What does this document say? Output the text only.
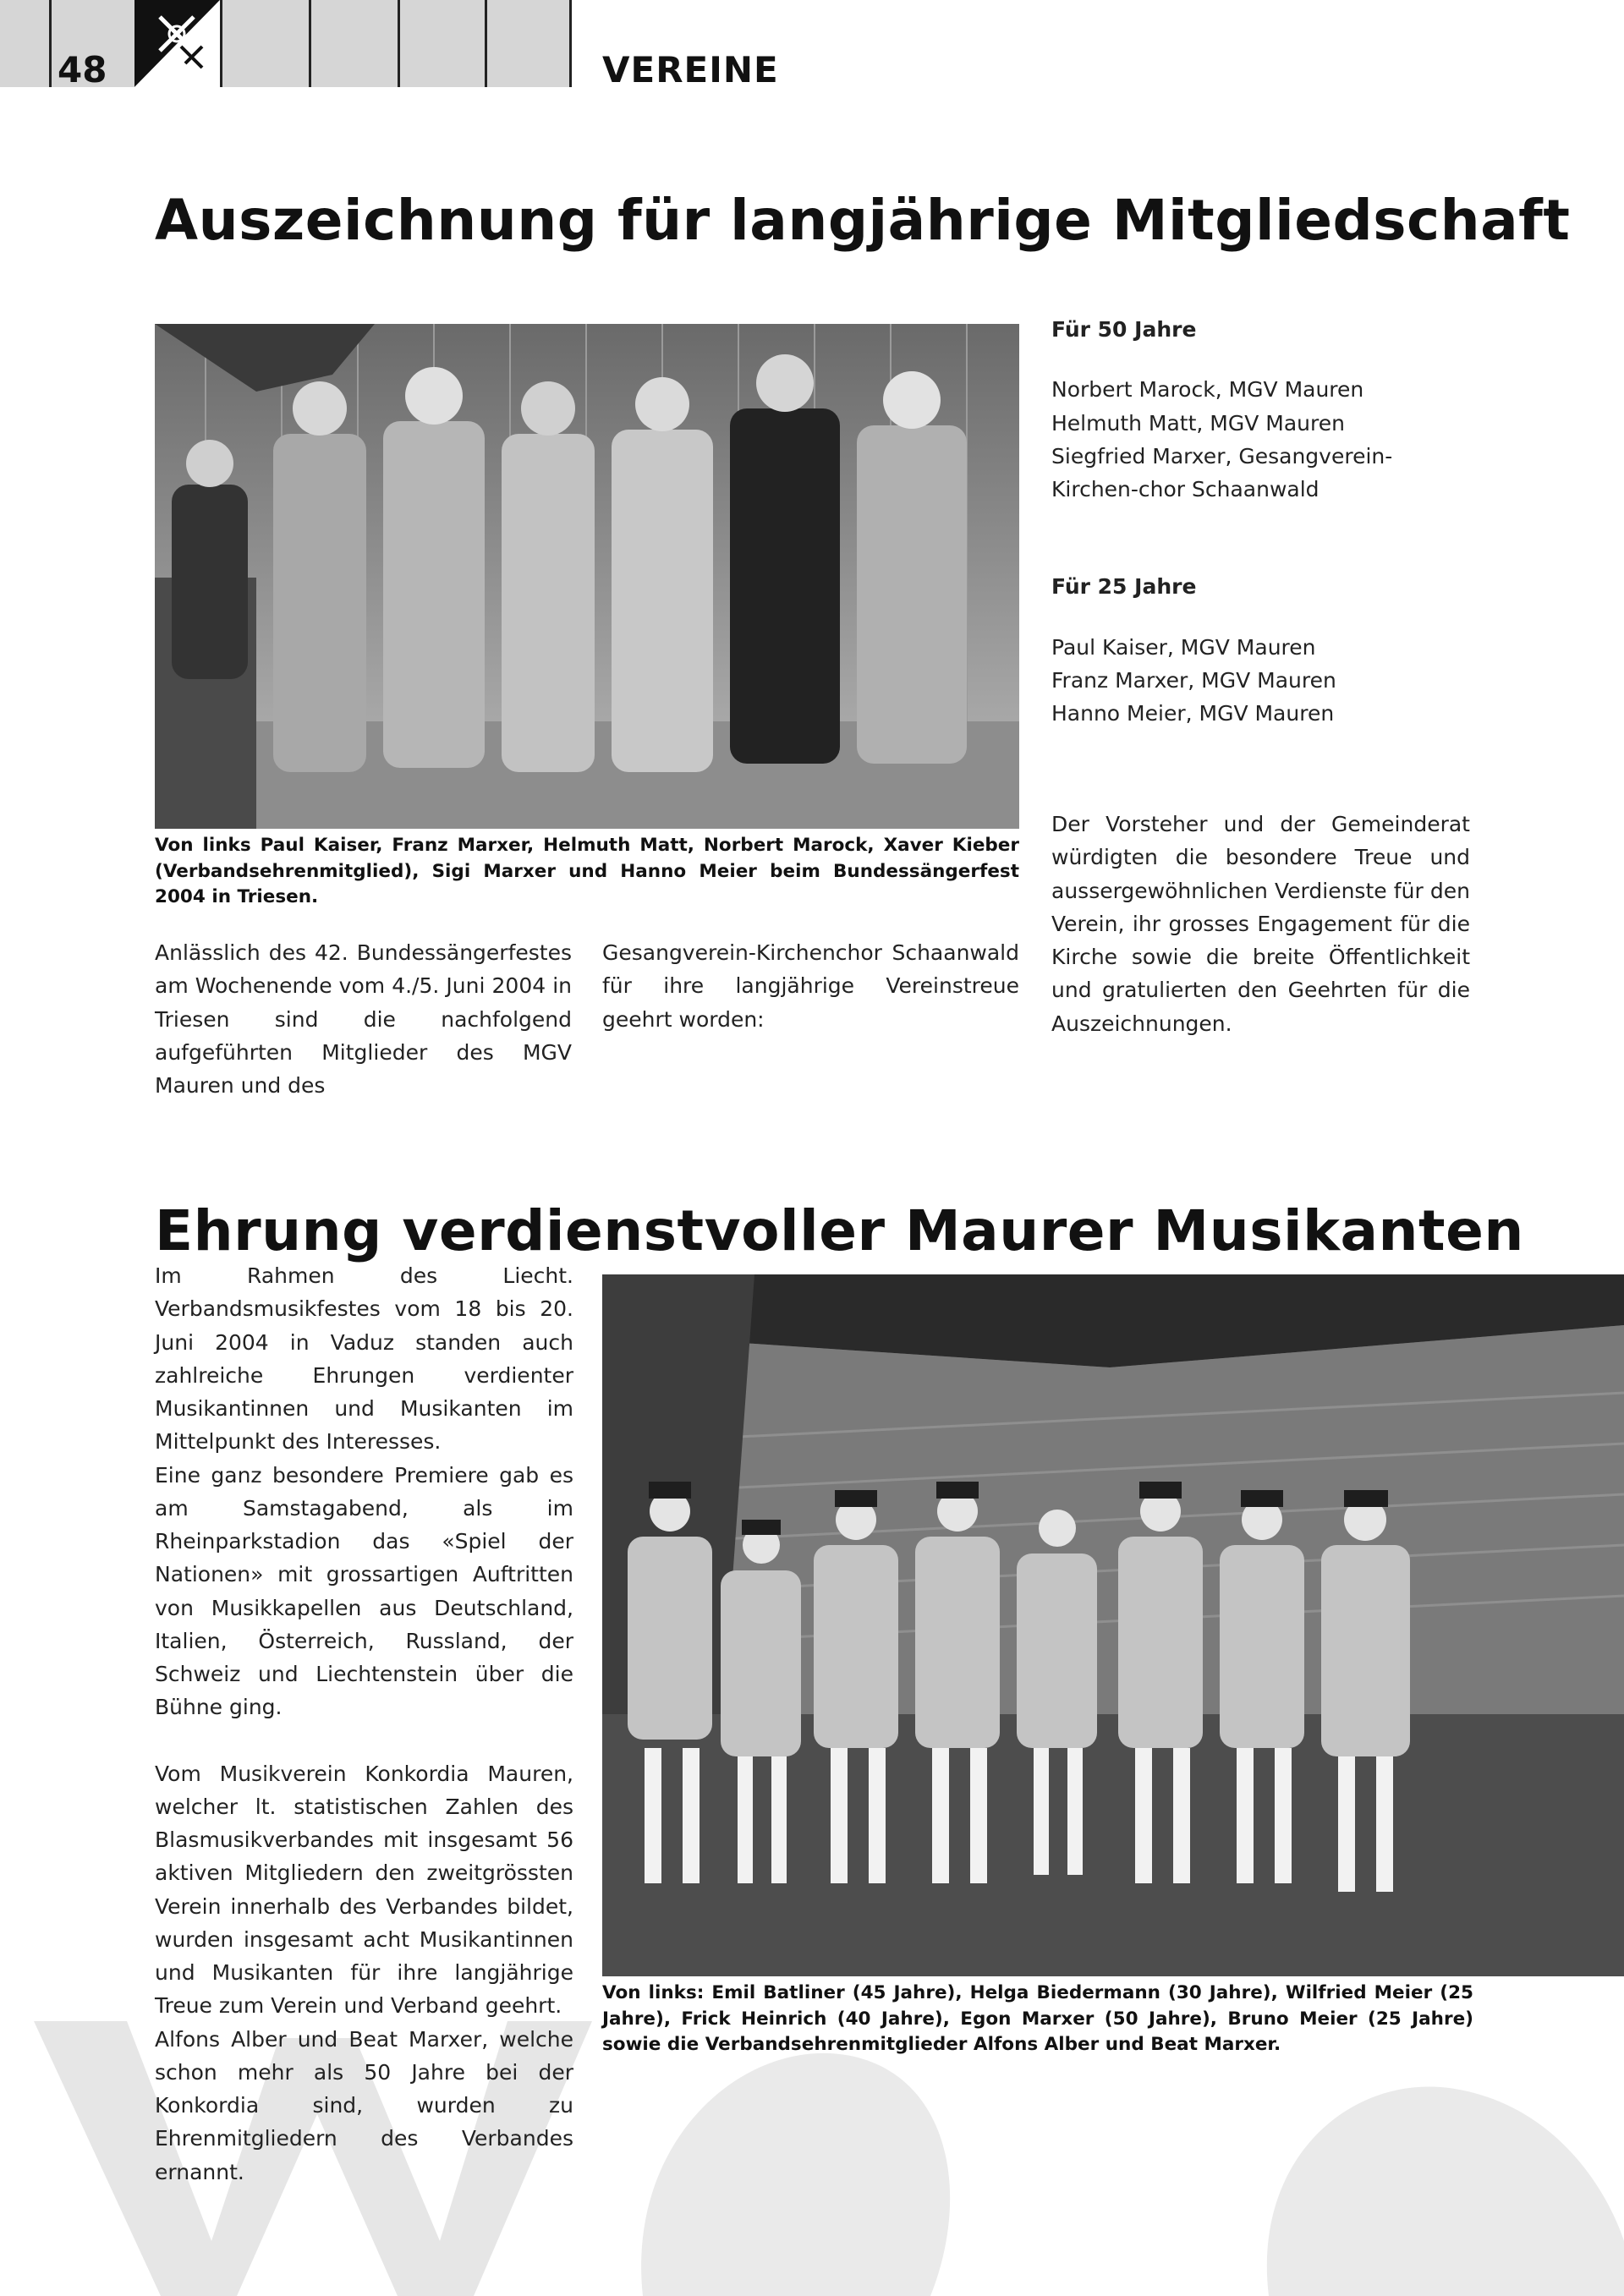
48	VEREINE
Auszeichnung für langjährige Mitgliedschaft

Für 50 Jahre

Norbert Marock, MGV Mauren
Helmuth Matt, MGV Mauren
Siegfried Marxer, Gesangverein-Kirchen-chor Schaanwald

Für 25 Jahre

Paul Kaiser, MGV Mauren
Franz Marxer, MGV Mauren
Hanno Meier, MGV Mauren

Von links Paul Kaiser, Franz Marxer, Helmuth Matt, Norbert Marock, Xaver Kieber (Verbandsehrenmitglied), Sigi Marxer und Hanno Meier beim Bundessängerfest 2004 in Triesen.

Anlässlich des 42. Bundessängerfestes am Wochenende vom 4./5. Juni 2004 in Triesen sind die nachfolgend aufgeführten Mitglieder des MGV Mauren und des

Gesangverein-Kirchenchor Schaanwald für ihre langjährige Vereinstreue geehrt worden:

Der Vorsteher und der Gemeinderat würdigten die besondere Treue und aussergewöhnlichen Verdienste für den Verein, ihr grosses Engagement für die Kirche sowie die breite Öffentlichkeit und gratulierten den Geehrten für die Auszeichnungen.

Ehrung verdienstvoller Maurer Musikanten
Im Rahmen des Liecht. Verbandsmusikfestes vom 18 bis 20. Juni 2004 in Vaduz standen auch zahlreiche Ehrungen verdienter Musikantinnen und Musikanten im Mittelpunkt des Interesses.
Eine ganz besondere Premiere gab es am Samstagabend, als im Rheinparkstadion das «Spiel der Nationen» mit grossartigen Auftritten von Musikkapellen aus Deutschland, Italien, Österreich, Russland, der Schweiz und Liechtenstein über die Bühne ging.
Vom Musikverein Konkordia Mauren, welcher lt. statistischen Zahlen des Blasmusikverbandes mit insgesamt 56 aktiven Mitgliedern den zweitgrössten Verein innerhalb des Verbandes bildet, wurden insgesamt acht Musikantinnen und Musikanten für ihre langjährige Treue zum Verein und Verband geehrt.
Alfons Alber und Beat Marxer, welche schon mehr als 50 Jahre bei der Konkordia sind, wurden zu Ehrenmitgliedern des Verbandes ernannt.

Von links: Emil Batliner (45 Jahre), Helga Biedermann (30 Jahre), Wilfried Meier (25 Jahre), Frick Heinrich (40 Jahre), Egon Marxer (50 Jahre), Bruno Meier (25 Jahre) sowie die Verbandsehrenmitglieder Alfons Alber und Beat Marxer.
